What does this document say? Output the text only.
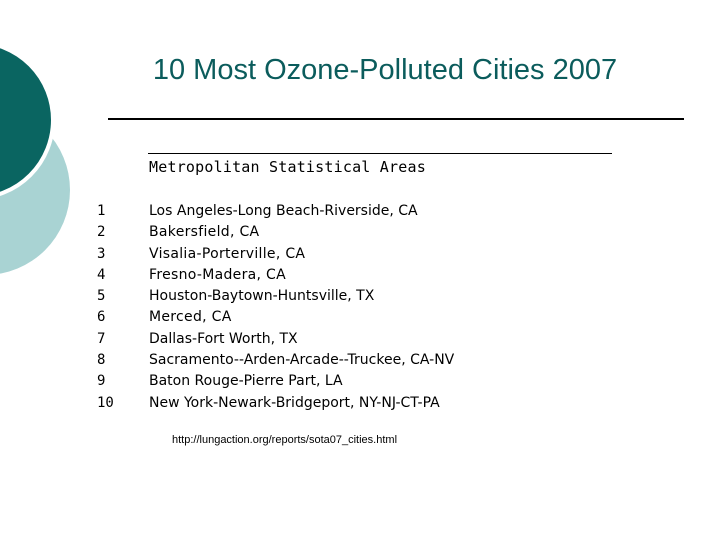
10 Most Ozone-Polluted Cities 2007
Metropolitan Statistical Areas
1
2
3
4
5
6
7
8
9
10
Los Angeles-Long Beach-Riverside, CA
Bakersfield, CA
Visalia-Porterville, CA
Fresno-Madera, CA
Houston-Baytown-Huntsville, TX
Merced, CA
Dallas-Fort Worth, TX
Sacramento--Arden-Arcade--Truckee, CA-NV
Baton Rouge-Pierre Part, LA
New York-Newark-Bridgeport, NY-NJ-CT-PA
http://lungaction.org/reports/sota07_cities.html
